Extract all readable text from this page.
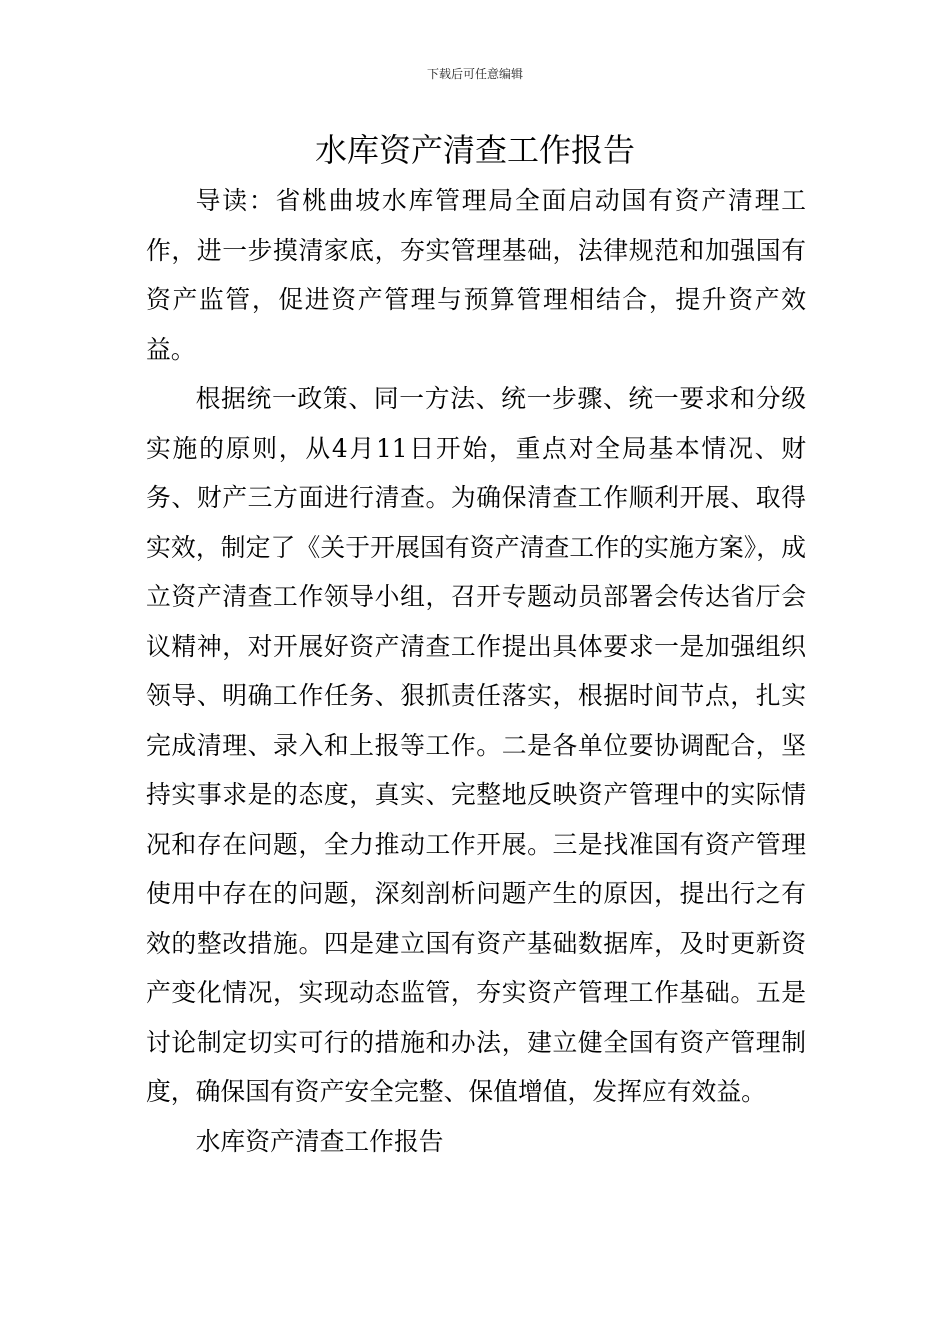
下载后可任意编辑

水库资产清查工作报告

导读：省桃曲坡水库管理局全面启动国有资产清理工作，进一步摸清家底，夯实管理基础，法律规范和加强国有资产监管，促进资产管理与预算管理相结合，提升资产效益。

根据统一政策、同一方法、统一步骤、统一要求和分级实施的原则，从4月11日开始，重点对全局基本情况、财务、财产三方面进行清查。为确保清查工作顺利开展、取得实效，制定了《关于开展国有资产清查工作的实施方案》，成立资产清查工作领导小组，召开专题动员部署会传达省厅会议精神，对开展好资产清查工作提出具体要求一是加强组织领导、明确工作任务、狠抓责任落实，根据时间节点，扎实完成清理、录入和上报等工作。二是各单位要协调配合，坚持实事求是的态度，真实、完整地反映资产管理中的实际情况和存在问题，全力推动工作开展。三是找准国有资产管理使用中存在的问题，深刻剖析问题产生的原因，提出行之有效的整改措施。四是建立国有资产基础数据库，及时更新资产变化情况，实现动态监管，夯实资产管理工作基础。五是讨论制定切实可行的措施和办法，建立健全国有资产管理制度，确保国有资产安全完整、保值增值，发挥应有效益。

水库资产清查工作报告
